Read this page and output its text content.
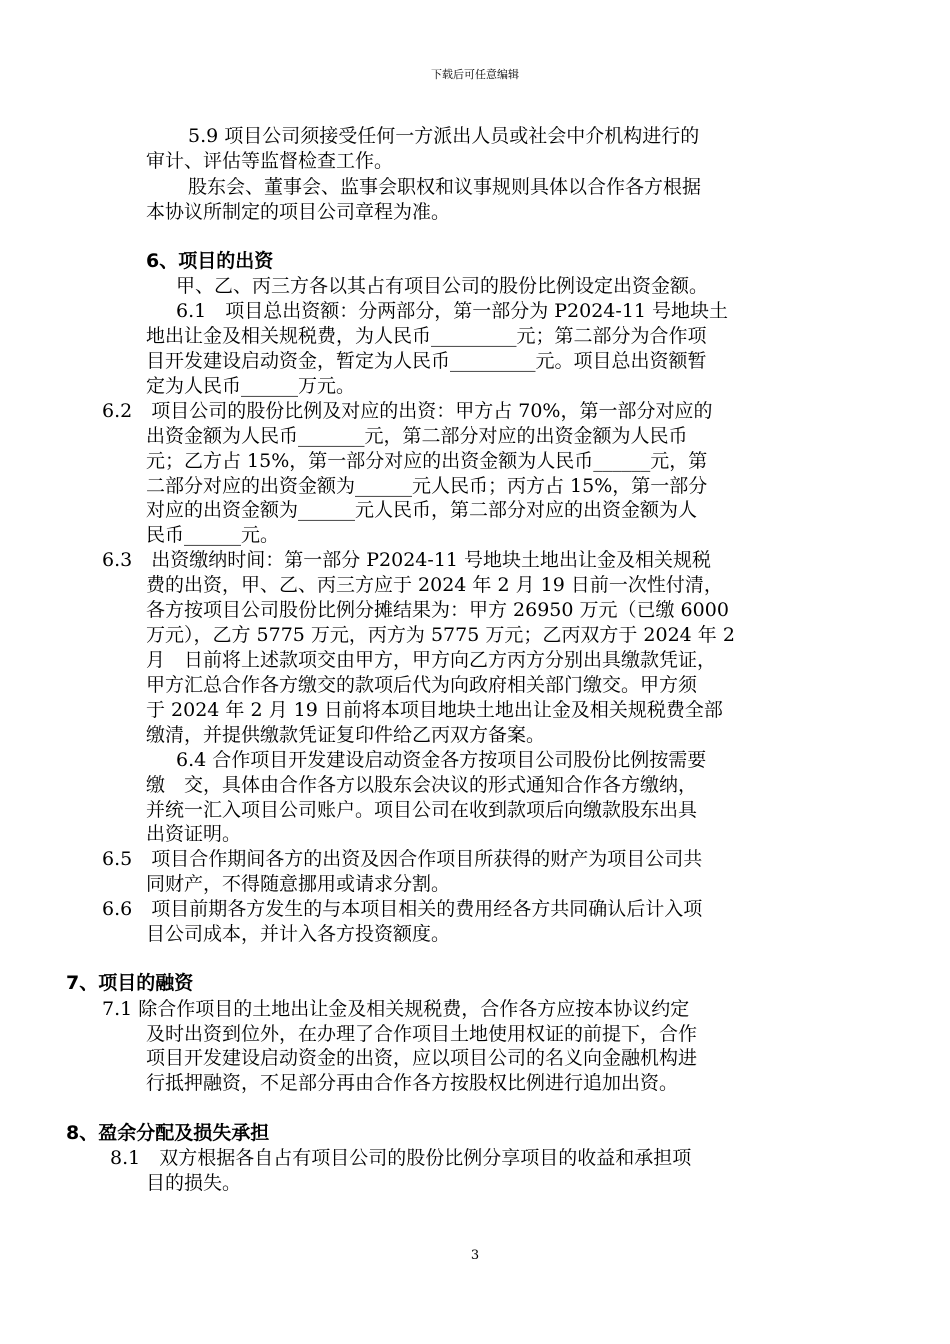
下载后可任意编辑
5.9 项目公司须接受任何一方派出人员或社会中介机构进行的
审计、评估等监督检查工作。
股东会、董事会、监事会职权和议事规则具体以合作各方根据
本协议所制定的项目公司章程为准。
6、项目的出资
甲、乙、丙三方各以其占有项目公司的股份比例设定出资金额。
6.1　项目总出资额：分两部分，第一部分为 P2024-11 号地块土
地出让金及相关规税费，为人民币_________元；第二部分为合作项
目开发建设启动资金，暂定为人民币_________元。项目总出资额暂
定为人民币______万元。
6.2　项目公司的股份比例及对应的出资：甲方占 70%，第一部分对应的
出资金额为人民币_______元，第二部分对应的出资金额为人民币
元；乙方占 15%，第一部分对应的出资金额为人民币______元，第
二部分对应的出资金额为______元人民币；丙方占 15%，第一部分
对应的出资金额为______元人民币，第二部分对应的出资金额为人
民币______元。
6.3　出资缴纳时间：第一部分 P2024-11 号地块土地出让金及相关规税
费的出资，甲、乙、丙三方应于 2024 年 2 月 19 日前一次性付清，
各方按项目公司股份比例分摊结果为：甲方 26950 万元（已缴 6000
万元），乙方 5775 万元，丙方为 5775 万元；乙丙双方于 2024 年 2
月　日前将上述款项交由甲方，甲方向乙方丙方分别出具缴款凭证，
甲方汇总合作各方缴交的款项后代为向政府相关部门缴交。甲方须
于 2024 年 2 月 19 日前将本项目地块土地出让金及相关规税费全部
缴清，并提供缴款凭证复印件给乙丙双方备案。
6.4 合作项目开发建设启动资金各方按项目公司股份比例按需要
缴　交，具体由合作各方以股东会决议的形式通知合作各方缴纳，
并统一汇入项目公司账户。项目公司在收到款项后向缴款股东出具
出资证明。
6.5　项目合作期间各方的出资及因合作项目所获得的财产为项目公司共
同财产，不得随意挪用或请求分割。
6.6　项目前期各方发生的与本项目相关的费用经各方共同确认后计入项
目公司成本，并计入各方投资额度。
7、项目的融资
7.1 除合作项目的土地出让金及相关规税费，合作各方应按本协议约定
及时出资到位外，在办理了合作项目土地使用权证的前提下，合作
项目开发建设启动资金的出资，应以项目公司的名义向金融机构进
行抵押融资，不足部分再由合作各方按股权比例进行追加出资。
8、盈余分配及损失承担
8.1　双方根据各自占有项目公司的股份比例分享项目的收益和承担项
目的损失。
3
